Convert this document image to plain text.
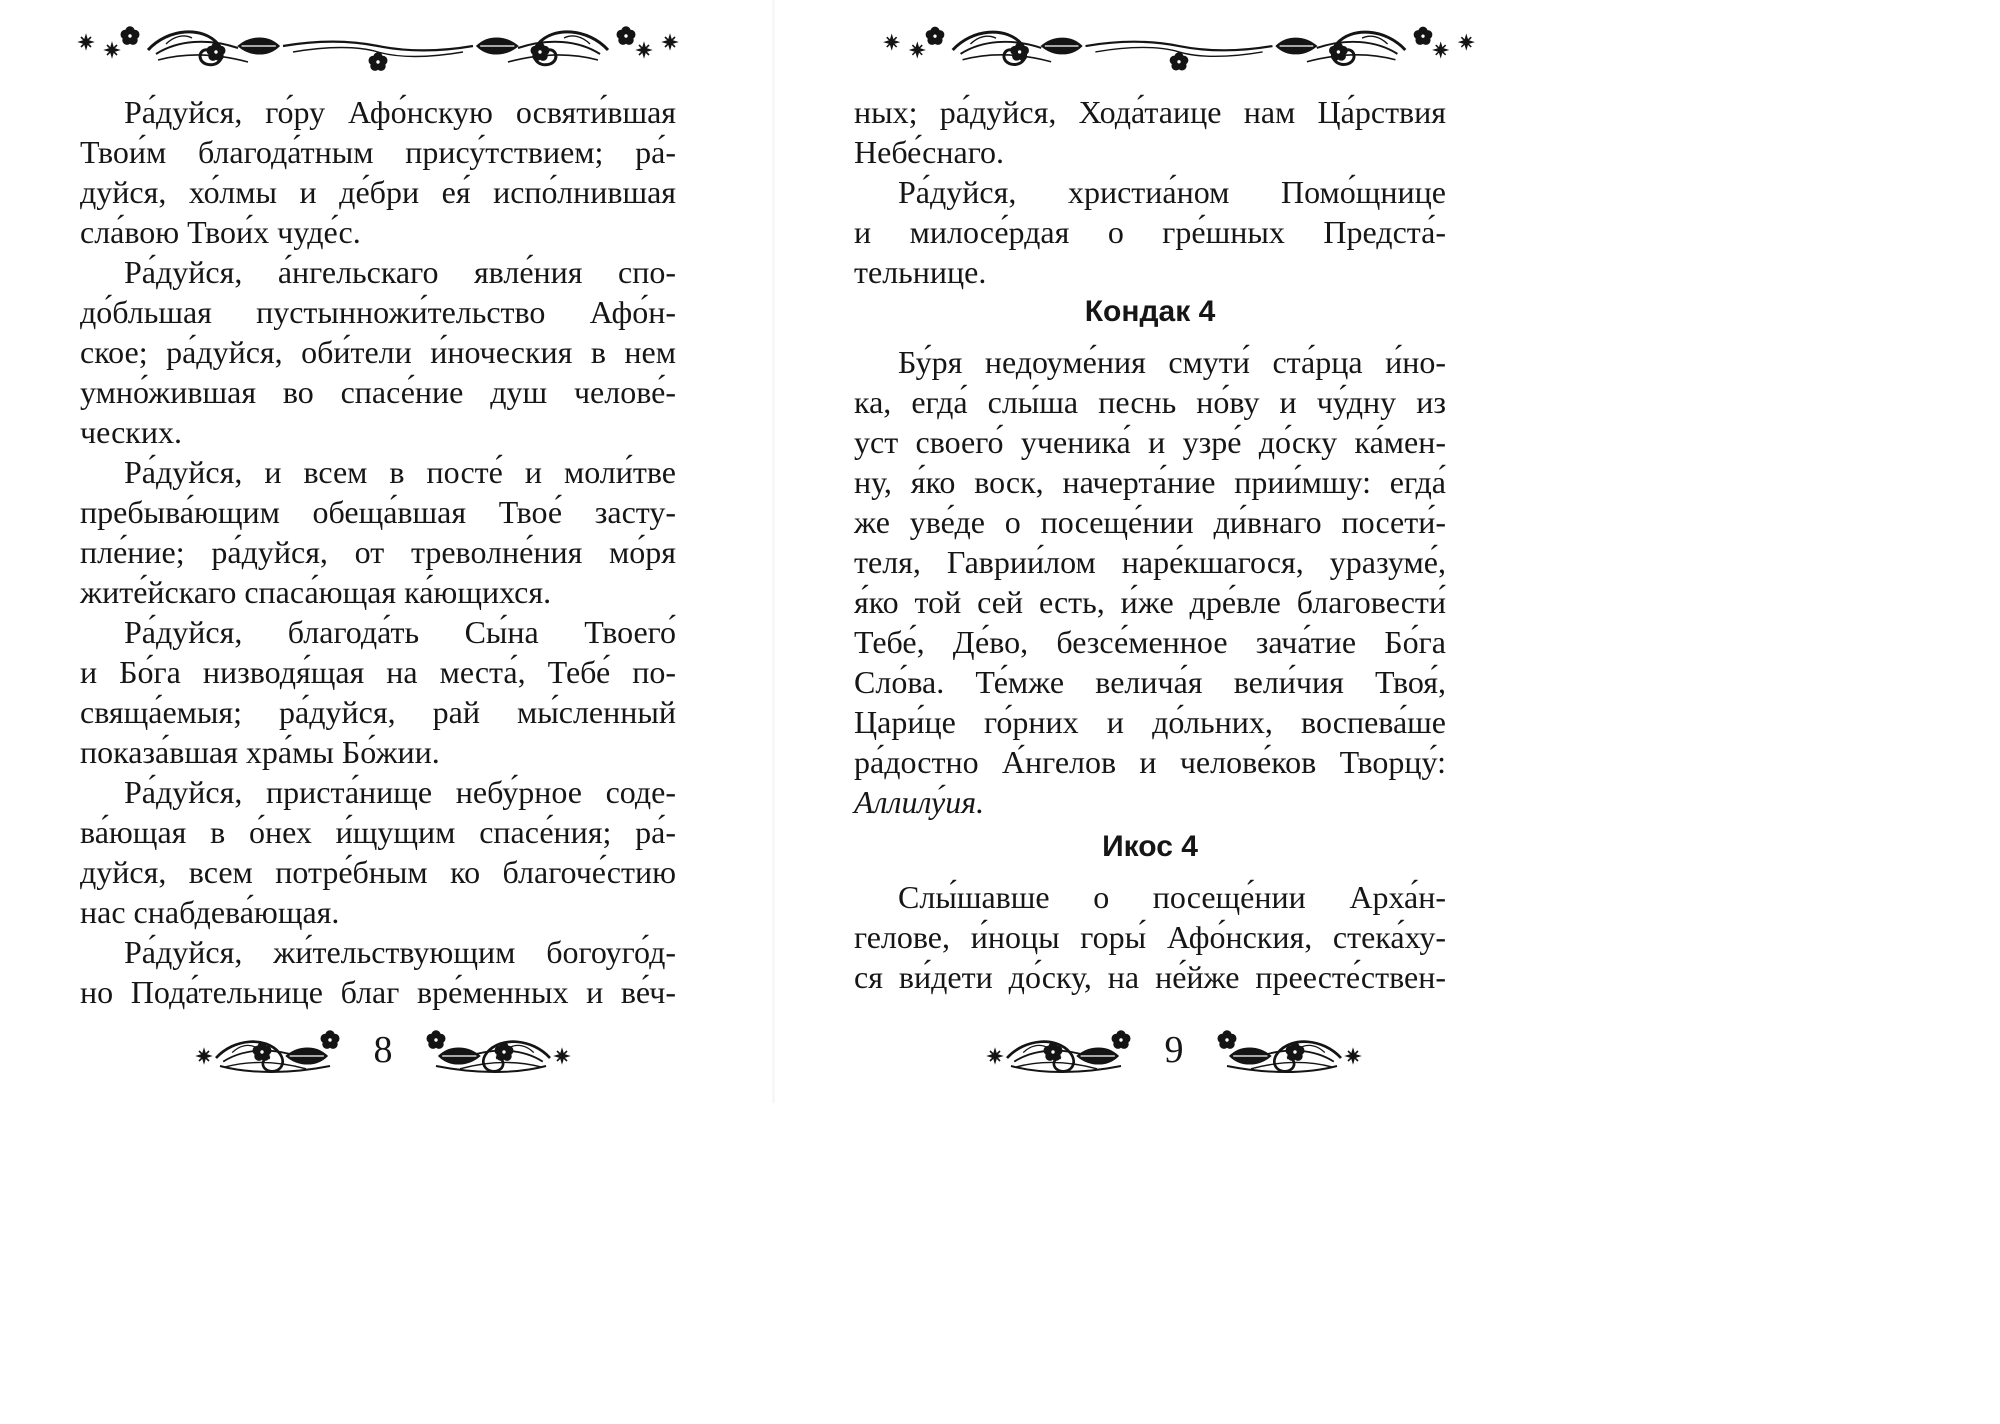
Ра́дуйся, го́ру Афо́нскую освяти́вшая
Твои́м благода́тным прису́тствием; ра́-
дуйся, хо́лмы и де́бри ея́ испо́лнившая
сла́вою Твои́х чуде́с.
Ра́дуйся, а́нгельскаго явле́ния спо-
до́бльшая пустынножи́тельство Афо́н-
ское; ра́дуйся, оби́тели и́ноческия в нем
умно́жившая во спасе́ние душ челове́-
ческих.
Ра́дуйся, и всем в посте́ и моли́тве
пребыва́ющим обеща́вшая Твое́ засту-
пле́ние; ра́дуйся, от треволне́ния мо́ря
жите́йскаго спаса́ющая ка́ющихся.
Ра́дуйся, благода́ть Сы́на Твоего́
и Бо́га низводя́щая на места́, Тебе́ по-
свяща́емыя; ра́дуйся, рай мы́сленный
показа́вшая хра́мы Бо́жии.
Ра́дуйся, приста́нище небу́рное соде-
ва́ющая в о́нех и́щущим спасе́ния; ра́-
дуйся, всем потре́бным ко благоче́стию
нас снабдева́ющая.
Ра́дуйся, жи́тельствующим богоуго́д-
но Пода́тельнице благ вре́менных и ве́ч-
8
ных; ра́дуйся, Хода́таице нам Ца́рствия
Небе́снаго.
Ра́дуйся, христиа́ном Помо́щнице
и милосе́рдая о гре́шных Предста́-
тельнице.
Кондак 4
Бу́ря недоуме́ния смути́ ста́рца и́но-
ка, егда́ слы́ша песнь но́ву и чу́дну из
уст своего́ ученика́ и узре́ до́ску ка́мен-
ну, я́ко воск, начерта́ние прии́мшу: егда́
же уве́де о посеще́нии ди́внаго посети́-
теля, Гаврии́лом наре́кшагося, уразуме́,
я́ко той сей есть, и́же дре́вле благовести́
Тебе́, Де́во, безсе́менное зача́тие Бо́га
Сло́ва. Те́мже велича́я вели́чия Твоя́,
Цари́це го́рних и до́льних, воспева́ше
ра́достно А́нгелов и челове́ков Творцу́:
Аллилу́ия.
Икос 4
Слы́шавше о посеще́нии Арха́н-
гелове, и́ноцы горы́ Афо́нския, стека́ху-
ся ви́дети до́ску, на не́йже преесте́ствен-
9
